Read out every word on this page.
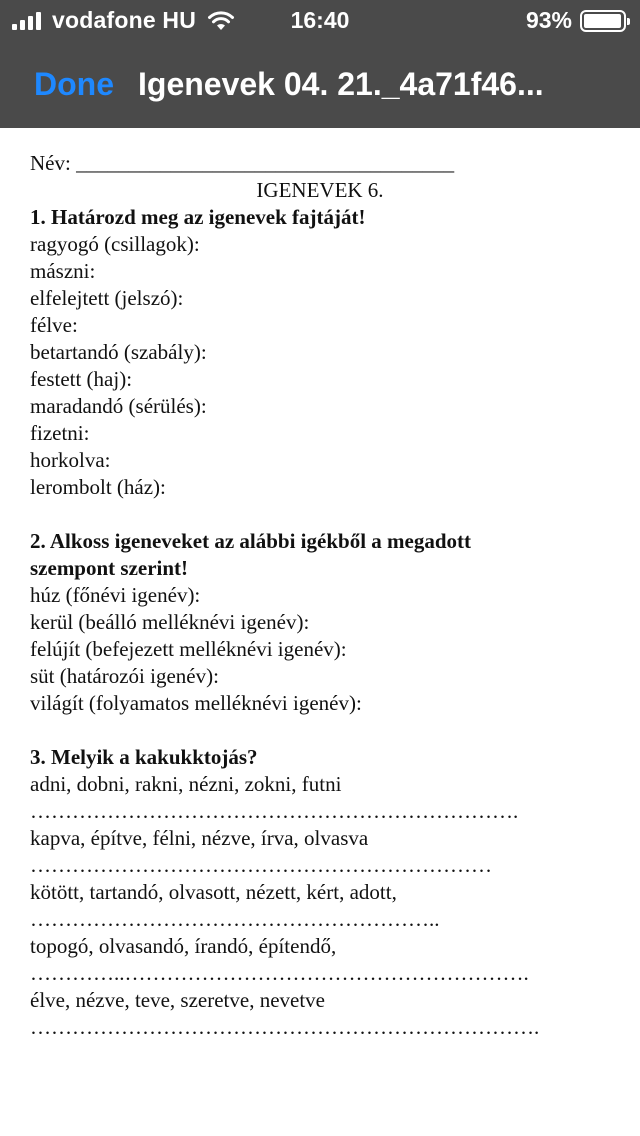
vodafone HU	16:40	93%
Done Igenevek 04. 21._4a71f46...
Név: ____________________________________
IGENEVEK 6.
1. Határozd meg az igenevek fajtáját!
ragyogó (csillagok):
mászni:
elfelejtett (jelszó):
félve:
betartandó (szabály):
festett (haj):
maradandó (sérülés):
fizetni:
horkolva:
lerombolt (ház):
2. Alkoss igeneveket az alábbi igékből a megadott
szempont szerint!
húz (főnévi igenév):
kerül (beálló melléknévi igenév):
felújít (befejezett melléknévi igenév):
süt (határozói igenév):
világít (folyamatos melléknévi igenév):
3. Melyik a kakukktojás?
adni, dobni, rakni, nézni, zokni, futni
…………………………………………………………….
kapva, építve, félni, nézve, írva, olvasva
…………………………………………………………
kötött, tartandó, olvasott, nézett, kért, adott,
…………………………………………………..
topogó, olvasandó, írandó, építendő,
…………..………………………………………………….
élve, nézve, teve, szeretve, nevetve
……………………………………………………………….
